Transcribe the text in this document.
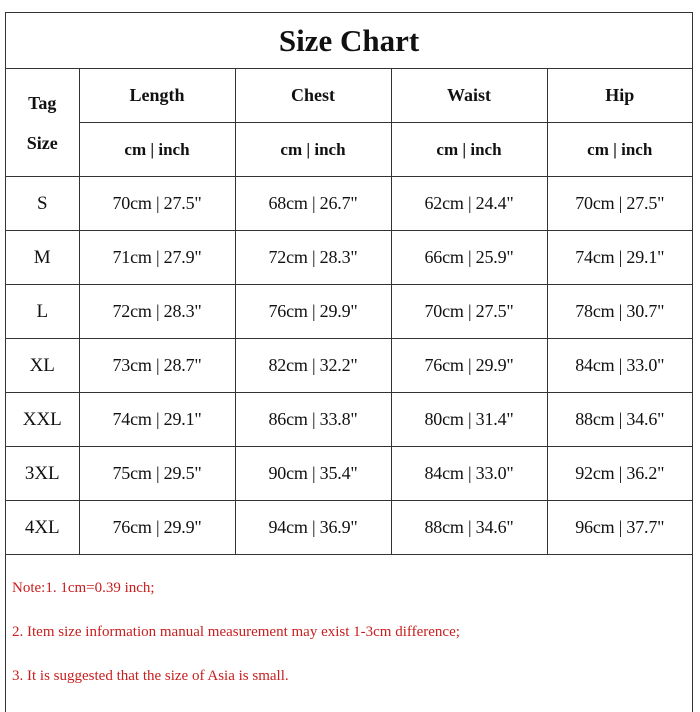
Size Chart
Tag
Size	Length	Chest	Waist	Hip
	cm | inch	cm | inch	cm | inch	cm | inch
S	70cm | 27.5"	68cm | 26.7"	62cm | 24.4"	70cm | 27.5"
M	71cm | 27.9"	72cm | 28.3"	66cm | 25.9"	74cm | 29.1"
L	72cm | 28.3"	76cm | 29.9"	70cm | 27.5"	78cm | 30.7"
XL	73cm | 28.7"	82cm | 32.2"	76cm | 29.9"	84cm | 33.0"
XXL	74cm | 29.1"	86cm | 33.8"	80cm | 31.4"	88cm | 34.6"
3XL	75cm | 29.5"	90cm | 35.4"	84cm | 33.0"	92cm | 36.2"
4XL	76cm | 29.9"	94cm | 36.9"	88cm | 34.6"	96cm | 37.7"
Note:1. 1cm=0.39 inch;
2. Item size information manual measurement may exist 1-3cm difference;
3. It is suggested that the size of Asia is small.
